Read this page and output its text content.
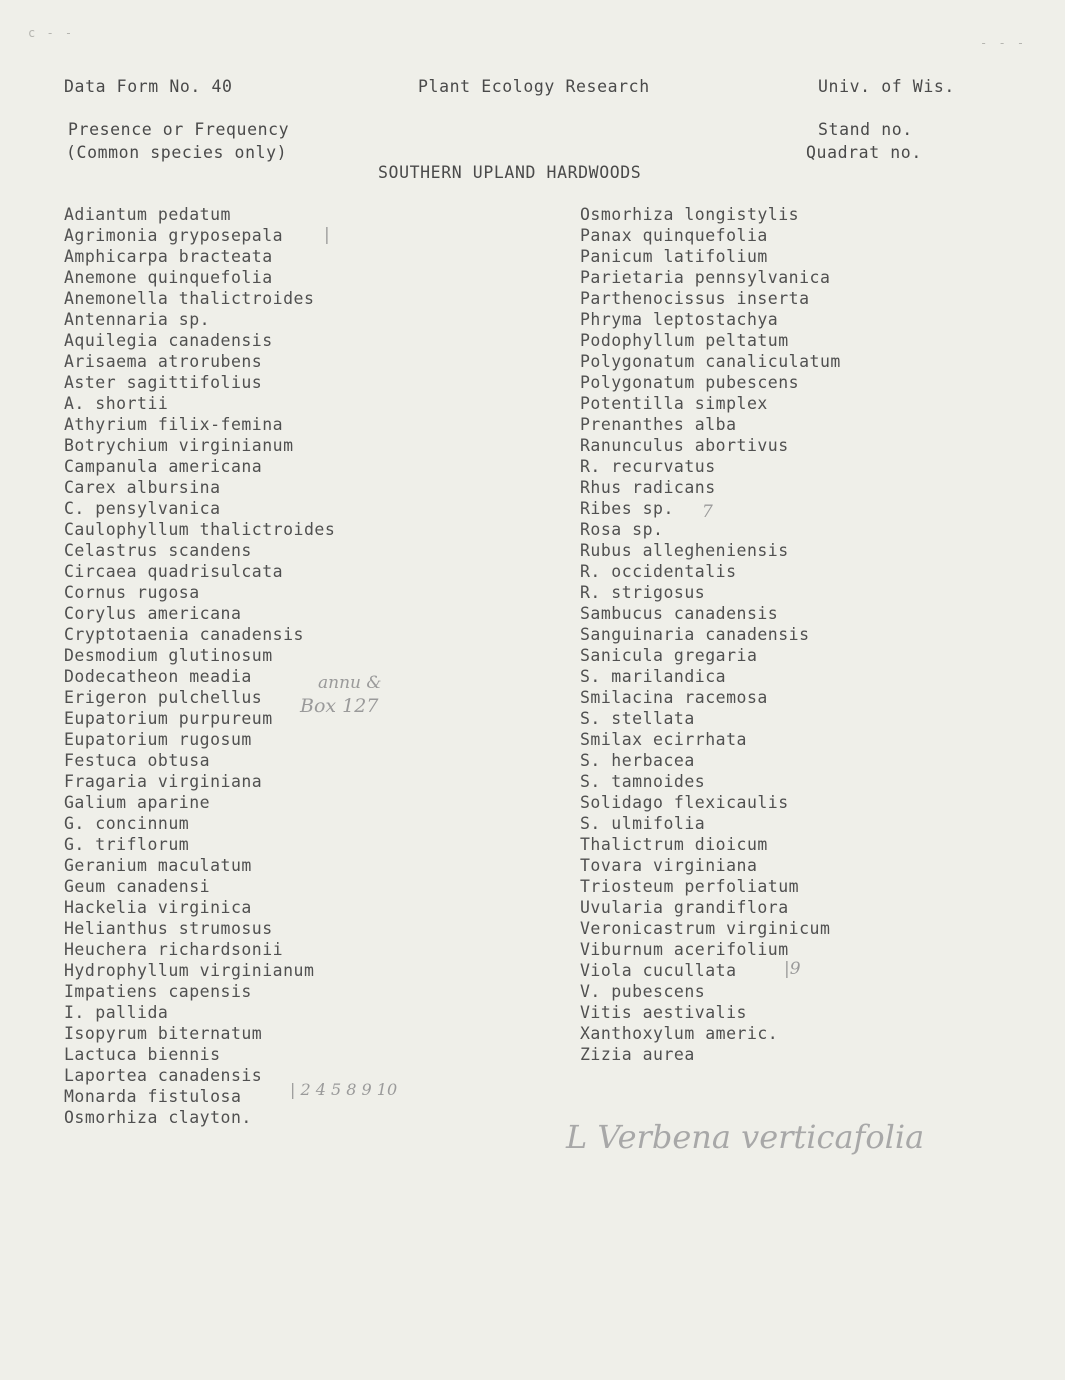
c - -
- - -
Data Form No. 40	Plant Ecology Research	Univ. of Wis.
Presence or Frequency
(Common species only)
Stand no.
Quadrat no.
SOUTHERN UPLAND HARDWOODS
Adiantum pedatum
Agrimonia gryposepala
Amphicarpa bracteata
Anemone quinquefolia
Anemonella thalictroides
Antennaria sp.
Aquilegia canadensis
Arisaema atrorubens
Aster sagittifolius
A. shortii
Athyrium filix-femina
Botrychium virginianum
Campanula americana
Carex albursina
C. pensylvanica
Caulophyllum thalictroides
Celastrus scandens
Circaea quadrisulcata
Cornus rugosa
Corylus americana
Cryptotaenia canadensis
Desmodium glutinosum
Dodecatheon meadia
Erigeron pulchellus
Eupatorium purpureum
Eupatorium rugosum
Festuca obtusa
Fragaria virginiana
Galium aparine
G. concinnum
G. triflorum
Geranium maculatum
Geum canadensi
Hackelia virginica
Helianthus strumosus
Heuchera richardsonii
Hydrophyllum virginianum
Impatiens capensis
I. pallida
Isopyrum biternatum
Lactuca biennis
Laportea canadensis
Monarda fistulosa
Osmorhiza clayton.
Osmorhiza longistylis
Panax quinquefolia
Panicum latifolium
Parietaria pennsylvanica
Parthenocissus inserta
Phryma leptostachya
Podophyllum peltatum
Polygonatum canaliculatum
Polygonatum pubescens
Potentilla simplex
Prenanthes alba
Ranunculus abortivus
R. recurvatus
Rhus radicans
Ribes sp.
Rosa sp.
Rubus allegheniensis
R. occidentalis
R. strigosus
Sambucus canadensis
Sanguinaria canadensis
Sanicula gregaria
S. marilandica
Smilacina racemosa
S. stellata
Smilax ecirrhata
S. herbacea
S. tamnoides
Solidago flexicaulis
S. ulmifolia
Thalictrum dioicum
Tovara virginiana
Triosteum perfoliatum
Uvularia grandiflora
Veronicastrum virginicum
Viburnum acerifolium
Viola cucullata
V. pubescens
Vitis aestivalis
Xanthoxylum americ.
Zizia aurea
annu &
Box 127
|
7
|9
| 2 4 5 8 9 10
L Verbena verticafolia
